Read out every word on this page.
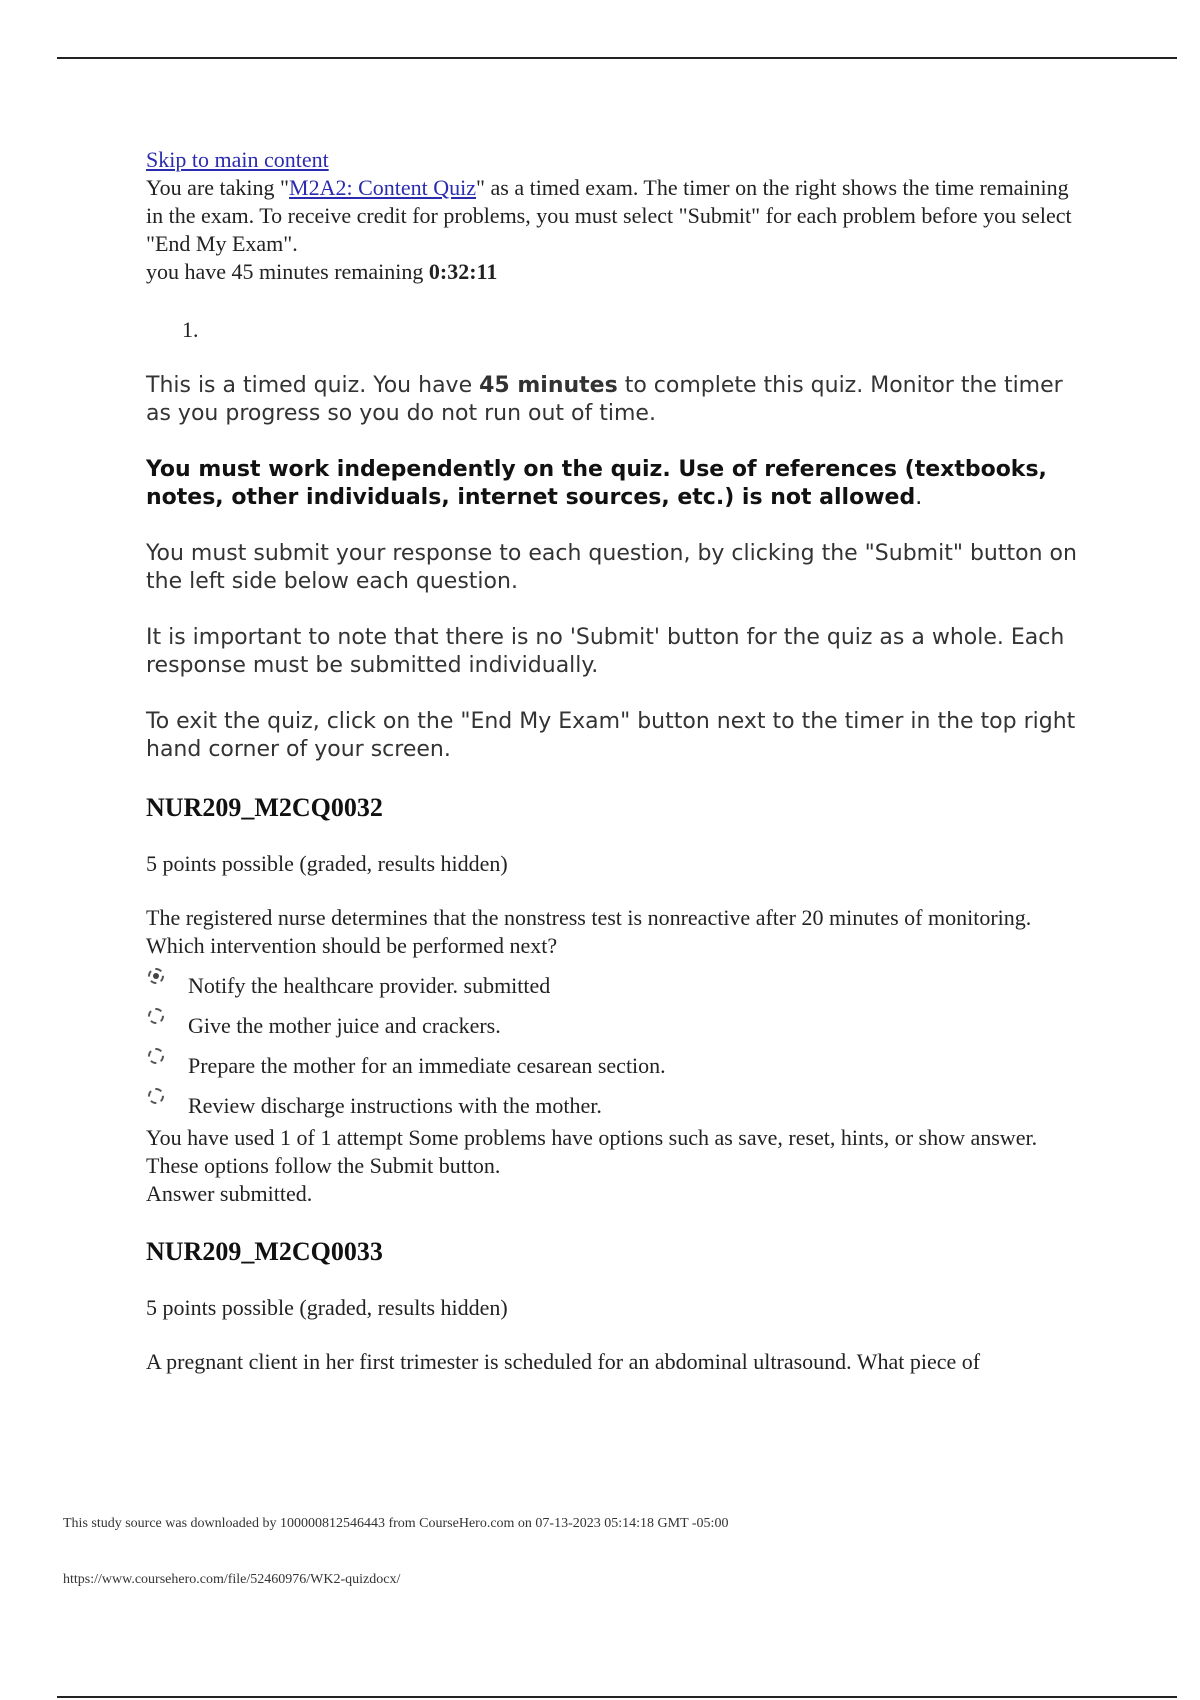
Skip to main content

You are taking "M2A2: Content Quiz" as a timed exam. The timer on the right shows the time remaining in the exam. To receive credit for problems, you must select "Submit" for each problem before you select "End My Exam".

you have 45 minutes remaining 0:32:11

1.

This is a timed quiz. You have 45 minutes to complete this quiz. Monitor the timer as you progress so you do not run out of time.

You must work independently on the quiz. Use of references (textbooks, notes, other individuals, internet sources, etc.) is not allowed.

You must submit your response to each question, by clicking the "Submit" button on the left side below each question.

It is important to note that there is no 'Submit' button for the quiz as a whole. Each response must be submitted individually.

To exit the quiz, click on the "End My Exam" button next to the timer in the top right hand corner of your screen.

NUR209_M2CQ0032

5 points possible (graded, results hidden)

The registered nurse determines that the nonstress test is nonreactive after 20 minutes of monitoring. Which intervention should be performed next?

Notify the healthcare provider. submitted
Give the mother juice and crackers.
Prepare the mother for an immediate cesarean section.
Review discharge instructions with the mother.

You have used 1 of 1 attempt Some problems have options such as save, reset, hints, or show answer. These options follow the Submit button.

Answer submitted.

NUR209_M2CQ0033

5 points possible (graded, results hidden)

A pregnant client in her first trimester is scheduled for an abdominal ultrasound. What piece of

This study source was downloaded by 100000812546443 from CourseHero.com on 07-13-2023 05:14:18 GMT -05:00
https://www.coursehero.com/file/52460976/WK2-quizdocx/
